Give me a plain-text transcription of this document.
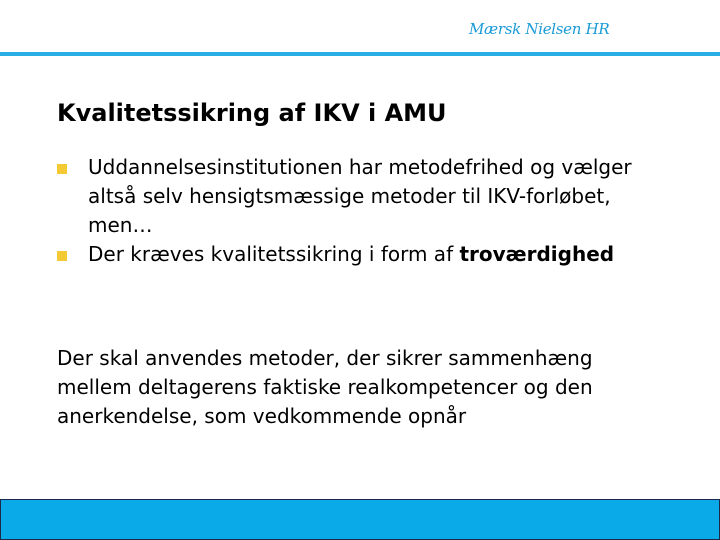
Mærsk Nielsen HR
Kvalitetssikring af IKV i AMU
Uddannelsesinstitutionen har metodefrihed og vælger altså selv hensigtsmæssige metoder til IKV-forløbet, men…
Der kræves kvalitetssikring i form af troværdighed

Der skal anvendes metoder, der sikrer sammenhæng mellem deltagerens faktiske realkompetencer og den anerkendelse, som vedkommende opnår
